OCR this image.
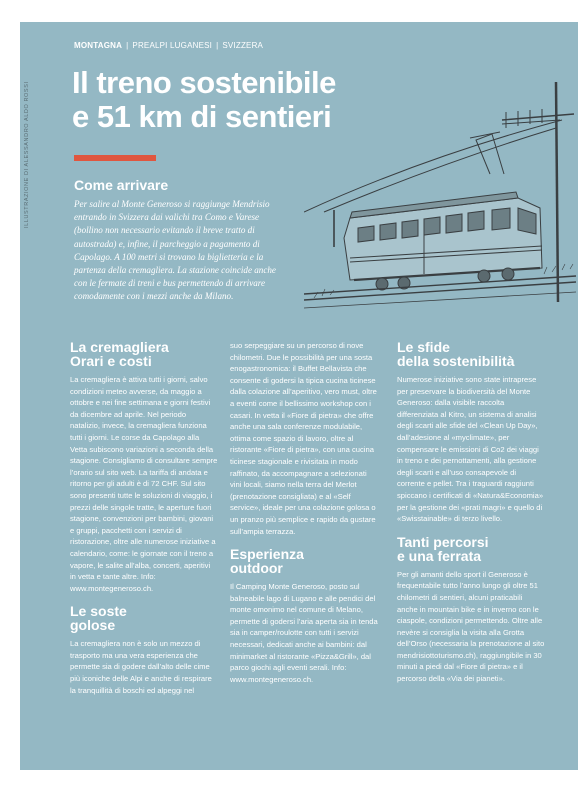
ILLUSTRAZIONE DI ALESSANDRO ALDO ROSSI
MONTAGNA | PREALPI LUGANESI | SVIZZERA
Il treno sostenibile
e 51 km di sentieri
Come arrivare

Per salire al Monte Generoso si raggiunge Mendrisio entrando in Svizzera dai valichi tra Como e Varese (bollino non necessario evitando il breve tratto di autostrada) e, infine, il parcheggio a pagamento di Capolago. A 100 metri si trovano la biglietteria e la partenza della cremagliera. La stazione coincide anche con le fermate di treni e bus permettendo di arrivare comodamente con i mezzi anche da Milano.

La cremagliera
Orari e costi

La cremagliera è attiva tutti i giorni, salvo condizioni meteo avverse, da maggio a ottobre e nei fine settimana e giorni festivi da dicembre ad aprile. Nel periodo natalizio, invece, la cremagliera funziona tutti i giorni. Le corse da Capolago alla Vetta subiscono variazioni a seconda della stagione. Consigliamo di consultare sempre l’orario sul sito web. La tariffa di andata e ritorno per gli adulti è di 72 CHF. Sul sito sono presenti tutte le soluzioni di viaggio, i prezzi delle singole tratte, le aperture fuori stagione, convenzioni per bambini, giovani e gruppi, pacchetti con i servizi di ristorazione, oltre alle numerose iniziative a calendario, come: le giornate con il treno a vapore, le salite all’alba, concerti, aperitivi in vetta e tante altre. Info: www.montegeneroso.ch.

Le soste
golose

La cremagliera non è solo un mezzo di trasporto ma una vera esperienza che permette sia di godere dall’alto delle cime più iconiche delle Alpi e anche di respirare la tranquillità di boschi ed alpeggi nel

suo serpeggiare su un percorso di nove chilometri. Due le possibilità per una sosta enogastronomica: il Buffet Bellavista che consente di godersi la tipica cucina ticinese dalla colazione all’aperitivo, vero must, oltre a eventi come il bellissimo workshop con i casari. In vetta il «Fiore di pietra» che offre anche una sala conferenze modulabile, ottima come spazio di lavoro, oltre al ristorante «Fiore di pietra», con una cucina ticinese stagionale e rivisitata in modo raffinato, da accompagnare a selezionati vini locali, siamo nella terra del Merlot (prenotazione consigliata) e al «Self service», ideale per una colazione golosa o un pranzo più semplice e rapido da gustare sull’ampia terrazza.

Esperienza
outdoor

Il Camping Monte Generoso, posto sul balneabile lago di Lugano e alle pendici del monte omonimo nel comune di Melano, permette di godersi l’aria aperta sia in tenda sia in camper/roulotte con tutti i servizi necessari, dedicati anche ai bambini: dal minimarket al ristorante «Pizza&Grill», dal parco giochi agli eventi serali. Info: www.montegeneroso.ch.

Le sfide
della sostenibilità

Numerose iniziative sono state intraprese per preservare la biodiversità del Monte Generoso: dalla visibile raccolta differenziata al Kitro, un sistema di analisi degli scarti alle sfide del «Clean Up Day», dall’adesione al «myclimate», per compensare le emissioni di Co2 dei viaggi in treno e dei pernottamenti, alla gestione degli scarti e all’uso consapevole di corrente e pellet. Tra i traguardi raggiunti spiccano i certificati di «Natura&Economia» per la gestione dei «prati magri» e quello di «Swisstainable» di terzo livello.

Tanti percorsi
e una ferrata

Per gli amanti dello sport il Generoso è frequentabile tutto l’anno lungo gli oltre 51 chilometri di sentieri, alcuni praticabili anche in mountain bike e in inverno con le ciaspole, condizioni permettendo. Oltre alle nevère si consiglia la visita alla Grotta dell’Orso (necessaria la prenotazione al sito mendrisiottoturismo.ch), raggiungibile in 30 minuti a piedi dal «Fiore di pietra» e il percorso della «Via dei pianeti».
